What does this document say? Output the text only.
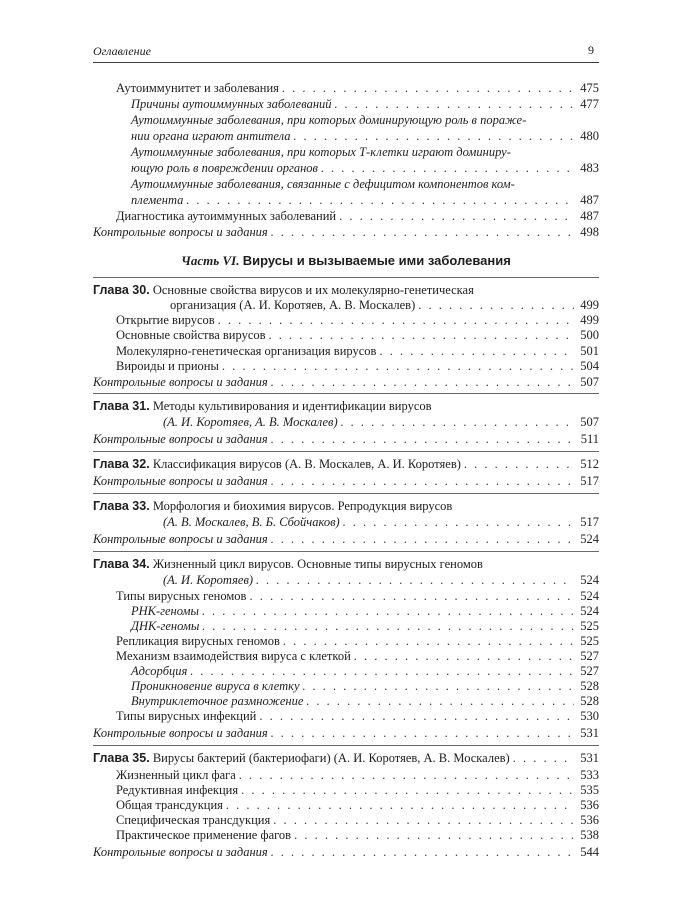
Оглавление	9
Аутоиммунитет и заболевания . . .	475
Причины аутоиммунных заболеваний . . .	477
Аутоиммунные заболевания, при которых доминирующую роль в пораже-
нии органа играют антитела . . .	480
Аутоиммунные заболевания, при которых Т-клетки играют доминиру-
ющую роль в повреждении органов . . .	483
Аутоиммунные заболевания, связанные с дефицитом компонентов ком-
племента . . .	487
Диагностика аутоиммунных заболеваний . . .	487
Контрольные вопросы и задания . . .	498
Часть VI. Вирусы и вызываемые ими заболевания
Глава 30. Основные свойства вирусов и их молекулярно-генетическая
организация (А. И. Коротяев, А. В. Москалев) . . .	499
Открытие вирусов . . .	499
Основные свойства вирусов . . .	500
Молекулярно-генетическая организация вирусов . . .	501
Вироиды и прионы . . .	504
Контрольные вопросы и задания . . .	507
Глава 31. Методы культивирования и идентификации вирусов
(А. И. Коротяев, А. В. Москалев) . . .	507
Контрольные вопросы и задания . . .	511
Глава 32. Классификация вирусов (А. В. Москалев, А. И. Коротяев) . . .	512
Контрольные вопросы и задания . . .	517
Глава 33. Морфология и биохимия вирусов. Репродукция вирусов
(А. В. Москалев, В. Б. Сбойчаков) . . .	517
Контрольные вопросы и задания . . .	524
Глава 34. Жизненный цикл вирусов. Основные типы вирусных геномов
(А. И. Коротяев) . . .	524
Типы вирусных геномов . . .	524
РНК-геномы . . .	524
ДНК-геномы . . .	525
Репликация вирусных геномов . . .	525
Механизм взаимодействия вируса с клеткой . . .	527
Адсорбция . . .	527
Проникновение вируса в клетку . . .	528
Внутриклеточное размножение . . .	528
Типы вирусных инфекций . . .	530
Контрольные вопросы и задания . . .	531
Глава 35. Вирусы бактерий (бактериофаги) (А. И. Коротяев, А. В. Москалев) . . .	531
Жизненный цикл фага . . .	533
Редуктивная инфекция . . .	535
Общая трансдукция . . .	536
Специфическая трансдукция . . .	536
Практическое применение фагов . . .	538
Контрольные вопросы и задания . . .	544
